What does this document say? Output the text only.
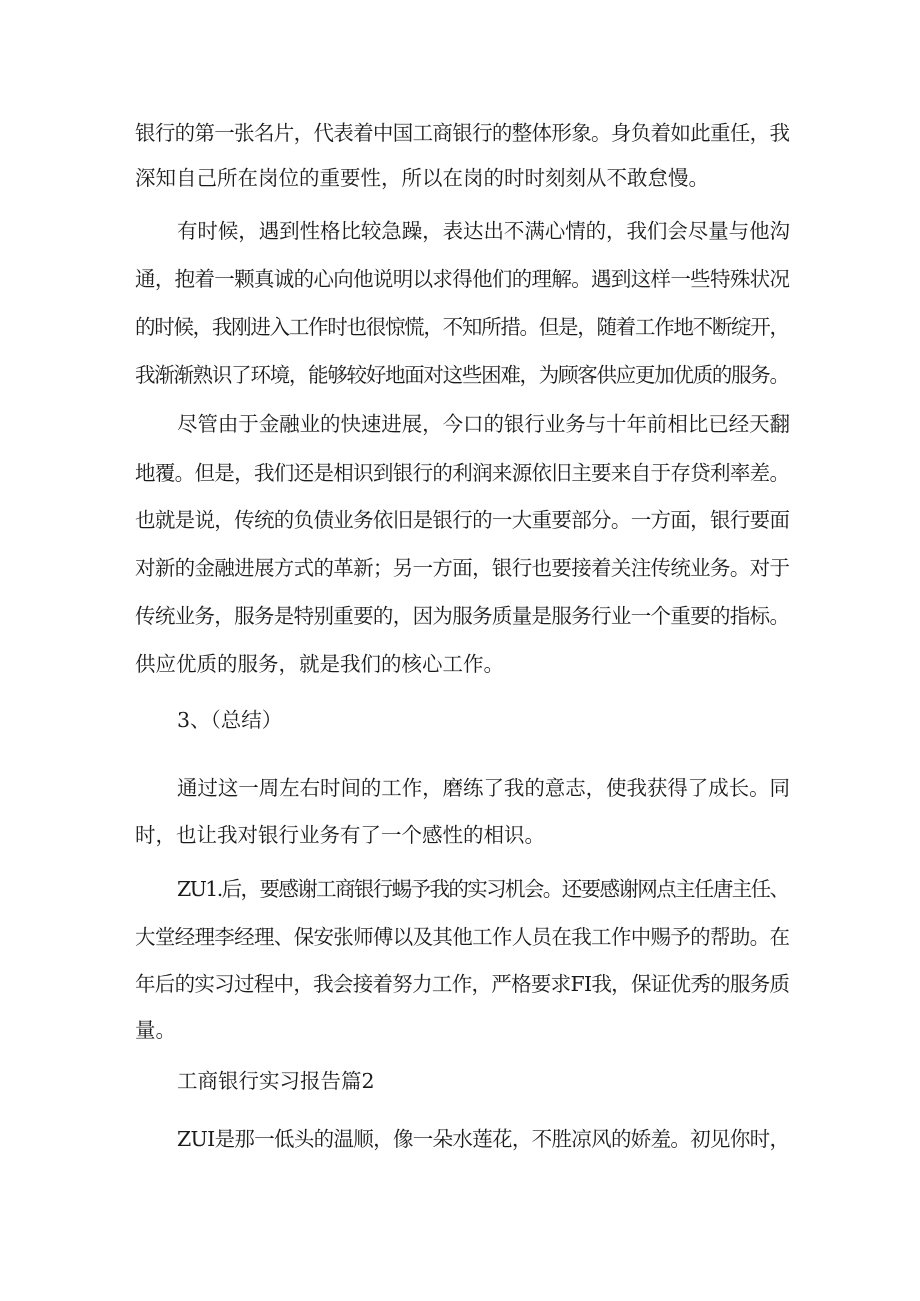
银行的第一张名片，代表着中国工商银行的整体形象。身负着如此重任，我
深知自己所在岗位的重要性，所以在岗的时时刻刻从不敢怠慢。
有时候，遇到性格比较急躁，表达出不满心情的，我们会尽量与他沟
通，抱着一颗真诚的心向他说明以求得他们的理解。遇到这样一些特殊状况
的时候，我刚进入工作时也很惊慌，不知所措。但是，随着工作地不断绽开，
我渐渐熟识了环境，能够较好地面对这些困难，为顾客供应更加优质的服务。
尽管由于金融业的快速进展，今口的银行业务与十年前相比已经天翻
地覆。但是，我们还是相识到银行的利润来源依旧主要来自于存贷利率差。
也就是说，传统的负债业务依旧是银行的一大重要部分。一方面，银行要面
对新的金融进展方式的革新；另一方面，银行也要接着关注传统业务。对于
传统业务，服务是特别重要的，因为服务质量是服务行业一个重要的指标。
供应优质的服务，就是我们的核心工作。
3、（总结）
通过这一周左右时间的工作，磨练了我的意志，使我获得了成长。同
时，也让我对银行业务有了一个感性的相识。
ZU1.后，要感谢工商银行蜴予我的实习机会。还要感谢网点主任唐主任、
大堂经理李经理、保安张师傅以及其他工作人员在我工作中赐予的帮助。在
年后的实习过程中，我会接着努力工作，严格要求FI我，保证优秀的服务质
量。
工商银行实习报告篇2
ZUI是那一低头的温顺，像一朵水莲花，不胜凉风的娇羞。初见你时，
